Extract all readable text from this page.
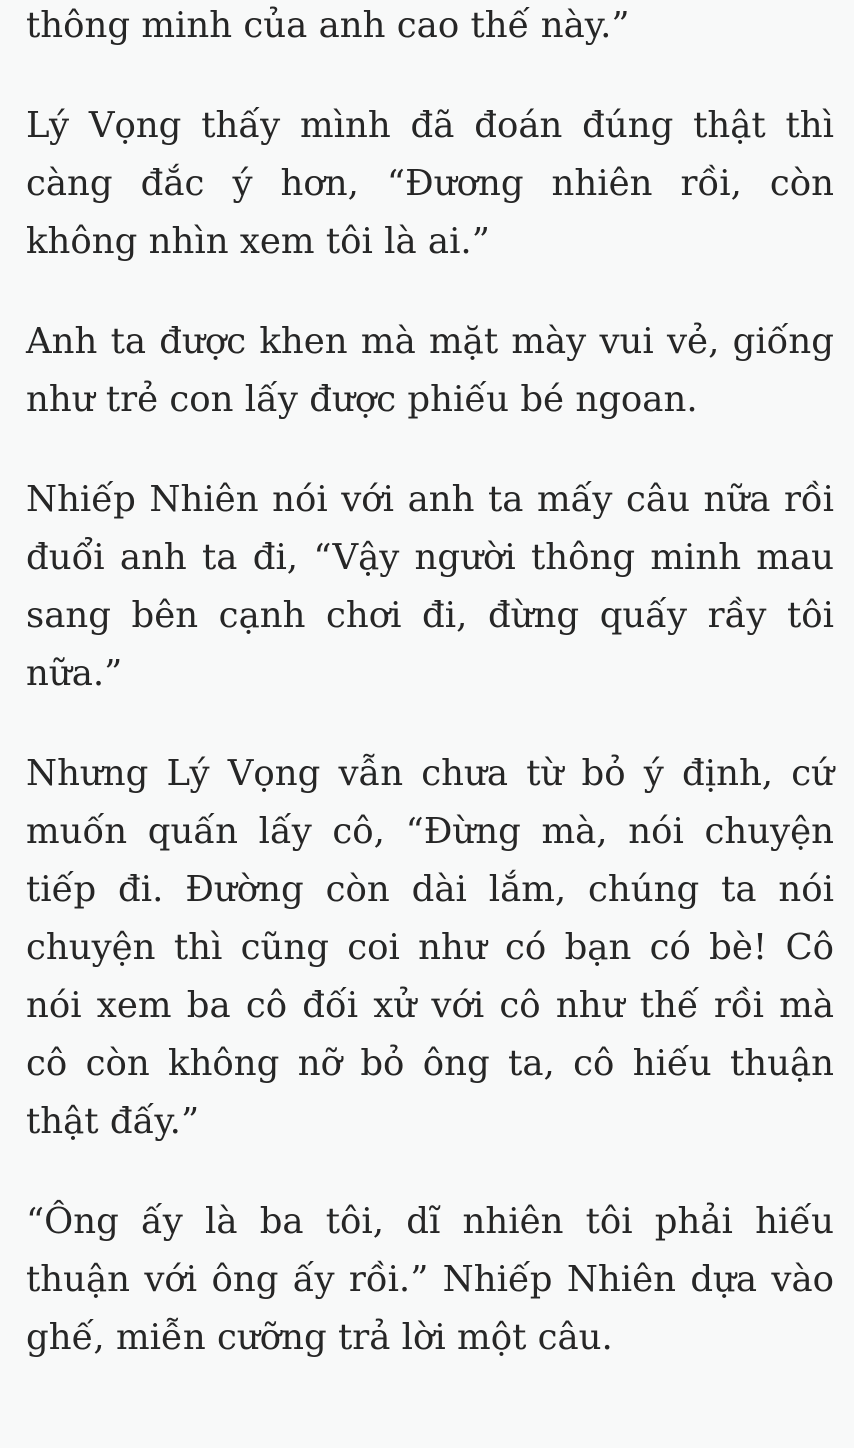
thông minh của anh cao thế này.”

Lý Vọng thấy mình đã đoán đúng thật thì càng đắc ý hơn, “Đương nhiên rồi, còn không nhìn xem tôi là ai.”

Anh ta được khen mà mặt mày vui vẻ, giống như trẻ con lấy được phiếu bé ngoan.

Nhiếp Nhiên nói với anh ta mấy câu nữa rồi đuổi anh ta đi, “Vậy người thông minh mau sang bên cạnh chơi đi, đừng quấy rầy tôi nữa.”

Nhưng Lý Vọng vẫn chưa từ bỏ ý định, cứ muốn quấn lấy cô, “Đừng mà, nói chuyện tiếp đi. Đường còn dài lắm, chúng ta nói chuyện thì cũng coi như có bạn có bè! Cô nói xem ba cô đối xử với cô như thế rồi mà cô còn không nỡ bỏ ông ta, cô hiếu thuận thật đấy.”

“Ông ấy là ba tôi, dĩ nhiên tôi phải hiếu thuận với ông ấy rồi.” Nhiếp Nhiên dựa vào ghế, miễn cưỡng trả lời một câu.
